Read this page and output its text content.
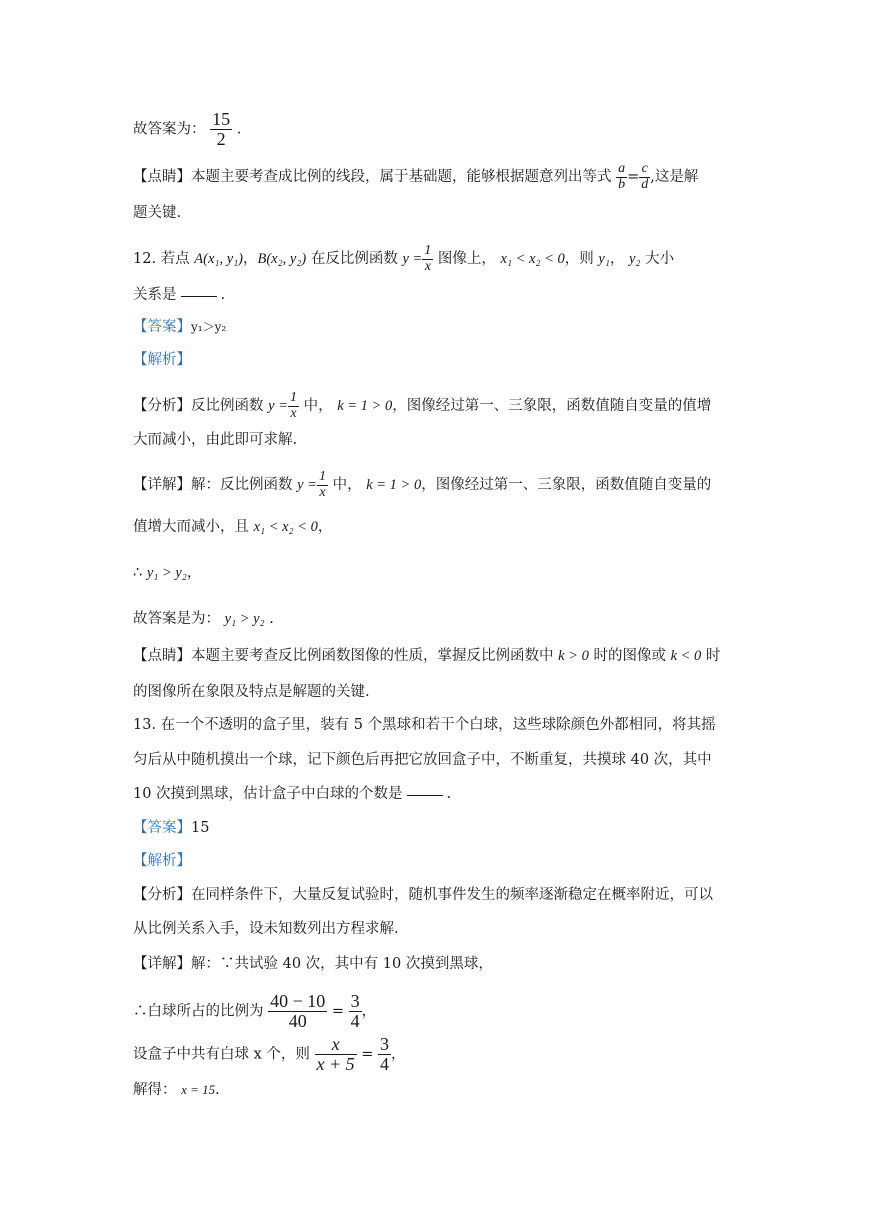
故答案为： $\frac{15}{2}$ .
【点睛】本题主要考查成比例的线段，属于基础题，能够根据题意列出等式 $\frac{a}{b} = \frac{c}{d}$ ,这是解
题关键.
12. 若点 A(x₁, y₁)，B(x₂, y₂) 在反比例函数 $y = \frac{1}{x}$ 图像上， x₁ < x₂ < 0，则 y₁， y₂ 大小
关系是	.
【答案】y₁＞y₂
【解析】
【分析】反比例函数 $y = \frac{1}{x}$ 中， k = 1 > 0，图像经过第一、三象限，函数值随自变量的值增
大而减小，由此即可求解.
【详解】解：反比例函数 $y = \frac{1}{x}$ 中， k = 1 > 0，图像经过第一、三象限，函数值随自变量的
值增大而减小，且 x₁ < x₂ < 0，
∴ y₁ > y₂，
故答案是为： y₁ > y₂ .
【点睛】本题主要考查反比例函数图像的性质，掌握反比例函数中 k > 0 时的图像或 k < 0 时
的图像所在象限及特点是解题的关键.
13. 在一个不透明的盒子里，装有 5 个黑球和若干个白球，这些球除颜色外都相同，将其摇
匀后从中随机摸出一个球，记下颜色后再把它放回盒子中，不断重复，共摸球 40 次，其中
10 次摸到黑球，估计盒子中白球的个数是	.
【答案】15
【解析】
【分析】在同样条件下，大量反复试验时，随机事件发生的频率逐渐稳定在概率附近，可以
从比例关系入手，设未知数列出方程求解.
【详解】解：∵共试验 40 次，其中有 10 次摸到黑球，
∴白球所占的比例为 $\frac{40 - 10}{40} = \frac{3}{4}$ ，
设盒子中共有白球 x 个，则 $\frac{x}{x + 5} = \frac{3}{4}$ ，
解得： x = 15.
